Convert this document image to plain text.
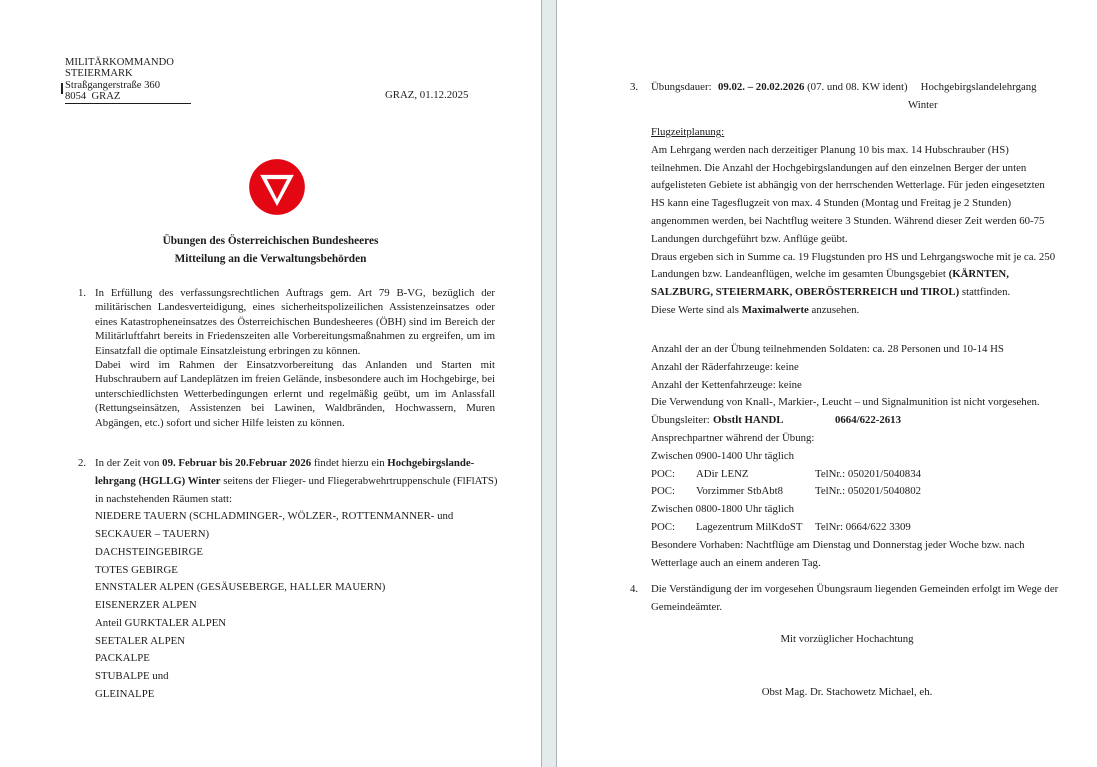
MILITÄRKOMMANDO
STEIERMARK
Straßgangerstraße 360
8054  GRAZ	GRAZ, 01.12.2025
Übungen des Österreichischen Bundesheeres
Mitteilung an die Verwaltungsbehörden
1. In Erfüllung des verfassungsrechtlichen Auftrags gem. Art 79 B-VG, bezüglich der militärischen Landesverteidigung, eines sicherheitspolizeilichen Assistenzeinsatzes oder eines Katastropheneinsatzes des Österreichischen Bundesheeres (ÖBH) sind im Bereich der Militärluftfahrt bereits in Friedenszeiten alle Vorbereitungsmaßnahmen zu ergreifen, um im Einsatzfall die optimale Einsatzleistung erbringen zu können.

Dabei wird im Rahmen der Einsatzvorbereitung das Anlanden und Starten mit Hubschraubern auf Landeplätzen im freien Gelände, insbesondere auch im Hochgebirge, bei unterschiedlichsten Wetterbedingungen erlernt und regelmäßig geübt, um im Anlassfall (Rettungseinsätzen, Assistenzen bei Lawinen, Waldbränden, Hochwassern, Muren Abgängen, etc.) sofort und sicher Hilfe leisten zu können.

2. In der Zeit von 09. Februar bis 20.Februar 2026 findet hierzu ein Hochgebirgslande-
lehrgang (HGLLG) Winter seitens der Flieger- und Fliegerabwehrtruppenschule (FlFlATS)
in nachstehenden Räumen statt:
NIEDERE TAUERN (SCHLADMINGER-, WÖLZER-, ROTTENMANNER- und
SECKAUER – TAUERN)
DACHSTEINGEBIRGE
TOTES GEBIRGE
ENNSTALER ALPEN (GESÄUSEBERGE, HALLER MAUERN)
EISENERZER ALPEN
Anteil GURKTALER ALPEN
SEETALER ALPEN
PACKALPE
STUBALPE und
GLEINALPE
3. Übungsdauer: 09.02. – 20.02.2026 (07. und 08. KW ident) Hochgebirgslandelehrgang
Winter
Flugzeitplanung:
Am Lehrgang werden nach derzeitiger Planung 10 bis max. 14 Hubschrauber (HS)
teilnehmen. Die Anzahl der Hochgebirgslandungen auf den einzelnen Berger der unten
aufgelisteten Gebiete ist abhängig von der herrschenden Wetterlage. Für jeden eingesetzten
HS kann eine Tagesflugzeit von max. 4 Stunden (Montag und Freitag je 2 Stunden)
angenommen werden, bei Nachtflug weitere 3 Stunden. Während dieser Zeit werden 60-75
Landungen durchgeführt bzw. Anflüge geübt.
Draus ergeben sich in Summe ca. 19 Flugstunden pro HS und Lehrgangswoche mit je ca. 250
Landungen bzw. Landeanflügen, welche im gesamten Übungsgebiet (KÄRNTEN,
SALZBURG, STEIERMARK, OBERÖSTERREICH und TIROL) stattfinden.
Diese Werte sind als Maximalwerte anzusehen.
Anzahl der an der Übung teilnehmenden Soldaten: ca. 28 Personen und 10-14 HS
Anzahl der Räderfahrzeuge: keine
Anzahl der Kettenfahrzeuge: keine
Die Verwendung von Knall-, Markier-, Leucht – und Signalmunition ist nicht vorgesehen.
Übungsleiter: Obstlt HANDL	0664/622-2613
Ansprechpartner während der Übung:
Zwischen 0900-1400 Uhr täglich
POC: ADir LENZ	TelNr.: 050201/5040834
POC: Vorzimmer StbAbt8	TelNr.: 050201/5040802
Zwischen 0800-1800 Uhr täglich
POC: Lagezentrum MilKdoST TelNr: 0664/622 3309
Besondere Vorhaben: Nachtflüge am Dienstag und Donnerstag jeder Woche bzw. nach
Wetterlage auch an einem anderen Tag.
4. Die Verständigung der im vorgesehen Übungsraum liegenden Gemeinden erfolgt im Wege der
Gemeindeämter.
Mit vorzüglicher Hochachtung
Obst Mag. Dr. Stachowetz Michael, eh.
